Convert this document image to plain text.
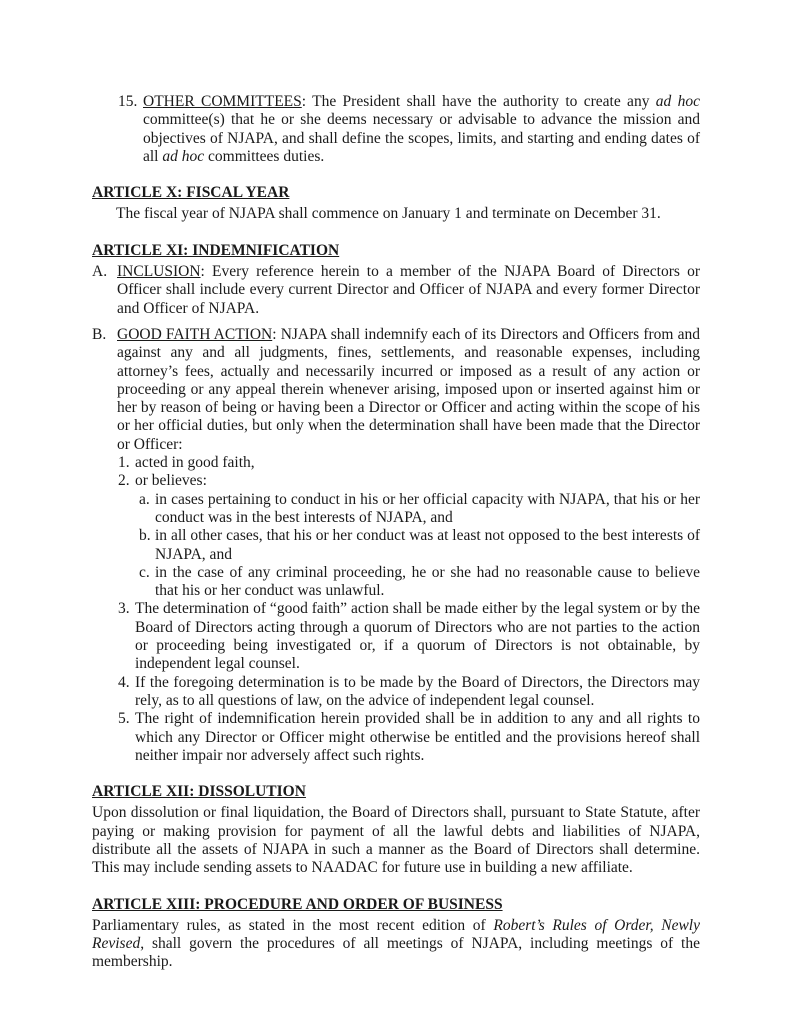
15. OTHER COMMITTEES: The President shall have the authority to create any ad hoc committee(s) that he or she deems necessary or advisable to advance the mission and objectives of NJAPA, and shall define the scopes, limits, and starting and ending dates of all ad hoc committees duties.
ARTICLE X: FISCAL YEAR
The fiscal year of NJAPA shall commence on January 1 and terminate on December 31.
ARTICLE XI: INDEMNIFICATION
A. INCLUSION: Every reference herein to a member of the NJAPA Board of Directors or Officer shall include every current Director and Officer of NJAPA and every former Director and Officer of NJAPA.
B. GOOD FAITH ACTION: NJAPA shall indemnify each of its Directors and Officers from and against any and all judgments, fines, settlements, and reasonable expenses, including attorney’s fees, actually and necessarily incurred or imposed as a result of any action or proceeding or any appeal therein whenever arising, imposed upon or inserted against him or her by reason of being or having been a Director or Officer and acting within the scope of his or her official duties, but only when the determination shall have been made that the Director or Officer:
1. acted in good faith,
2. or believes:
a. in cases pertaining to conduct in his or her official capacity with NJAPA, that his or her conduct was in the best interests of NJAPA, and
b. in all other cases, that his or her conduct was at least not opposed to the best interests of NJAPA, and
c. in the case of any criminal proceeding, he or she had no reasonable cause to believe that his or her conduct was unlawful.
3. The determination of “good faith” action shall be made either by the legal system or by the Board of Directors acting through a quorum of Directors who are not parties to the action or proceeding being investigated or, if a quorum of Directors is not obtainable, by independent legal counsel.
4. If the foregoing determination is to be made by the Board of Directors, the Directors may rely, as to all questions of law, on the advice of independent legal counsel.
5. The right of indemnification herein provided shall be in addition to any and all rights to which any Director or Officer might otherwise be entitled and the provisions hereof shall neither impair nor adversely affect such rights.
ARTICLE XII: DISSOLUTION
Upon dissolution or final liquidation, the Board of Directors shall, pursuant to State Statute, after paying or making provision for payment of all the lawful debts and liabilities of NJAPA, distribute all the assets of NJAPA in such a manner as the Board of Directors shall determine. This may include sending assets to NAADAC for future use in building a new affiliate.
ARTICLE XIII: PROCEDURE AND ORDER OF BUSINESS
Parliamentary rules, as stated in the most recent edition of Robert’s Rules of Order, Newly Revised, shall govern the procedures of all meetings of NJAPA, including meetings of the membership.
